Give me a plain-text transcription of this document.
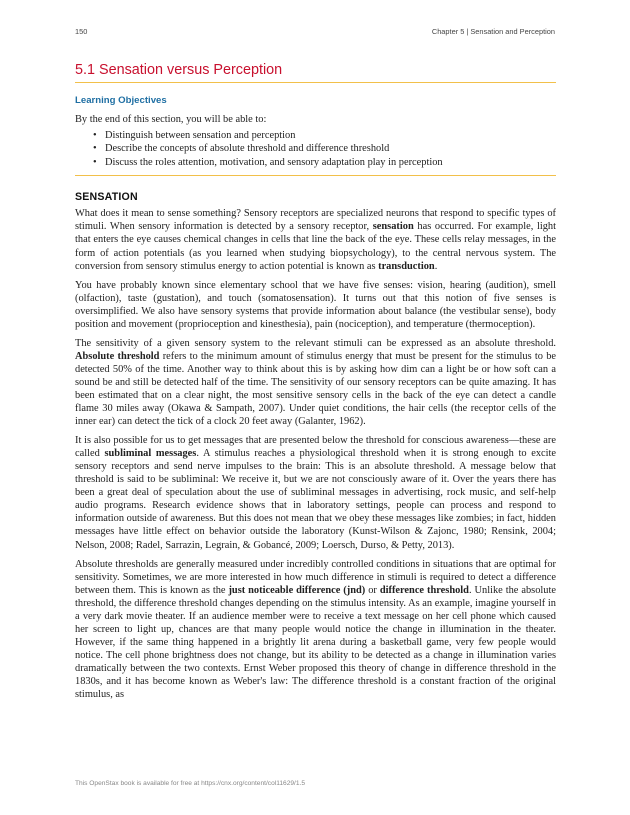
150	Chapter 5 | Sensation and Perception
5.1 Sensation versus Perception
Learning Objectives

By the end of this section, you will be able to:

• Distinguish between sensation and perception
• Describe the concepts of absolute threshold and difference threshold
• Discuss the roles attention, motivation, and sensory adaptation play in perception
SENSATION

What does it mean to sense something? Sensory receptors are specialized neurons that respond to specific types of stimuli. When sensory information is detected by a sensory receptor, sensation has occurred. For example, light that enters the eye causes chemical changes in cells that line the back of the eye. These cells relay messages, in the form of action potentials (as you learned when studying biopsychology), to the central nervous system. The conversion from sensory stimulus energy to action potential is known as transduction.

You have probably known since elementary school that we have five senses: vision, hearing (audition), smell (olfaction), taste (gustation), and touch (somatosensation). It turns out that this notion of five senses is oversimplified. We also have sensory systems that provide information about balance (the vestibular sense), body position and movement (proprioception and kinesthesia), pain (nociception), and temperature (thermoception).

The sensitivity of a given sensory system to the relevant stimuli can be expressed as an absolute threshold. Absolute threshold refers to the minimum amount of stimulus energy that must be present for the stimulus to be detected 50% of the time. Another way to think about this is by asking how dim can a light be or how soft can a sound be and still be detected half of the time. The sensitivity of our sensory receptors can be quite amazing. It has been estimated that on a clear night, the most sensitive sensory cells in the back of the eye can detect a candle flame 30 miles away (Okawa & Sampath, 2007). Under quiet conditions, the hair cells (the receptor cells of the inner ear) can detect the tick of a clock 20 feet away (Galanter, 1962).

It is also possible for us to get messages that are presented below the threshold for conscious awareness—these are called subliminal messages. A stimulus reaches a physiological threshold when it is strong enough to excite sensory receptors and send nerve impulses to the brain: This is an absolute threshold. A message below that threshold is said to be subliminal: We receive it, but we are not consciously aware of it. Over the years there has been a great deal of speculation about the use of subliminal messages in advertising, rock music, and self-help audio programs. Research evidence shows that in laboratory settings, people can process and respond to information outside of awareness. But this does not mean that we obey these messages like zombies; in fact, hidden messages have little effect on behavior outside the laboratory (Kunst-Wilson & Zajonc, 1980; Rensink, 2004; Nelson, 2008; Radel, Sarrazin, Legrain, & Gobancé, 2009; Loersch, Durso, & Petty, 2013).

Absolute thresholds are generally measured under incredibly controlled conditions in situations that are optimal for sensitivity. Sometimes, we are more interested in how much difference in stimuli is required to detect a difference between them. This is known as the just noticeable difference (jnd) or difference threshold. Unlike the absolute threshold, the difference threshold changes depending on the stimulus intensity. As an example, imagine yourself in a very dark movie theater. If an audience member were to receive a text message on her cell phone which caused her screen to light up, chances are that many people would notice the change in illumination in the theater. However, if the same thing happened in a brightly lit arena during a basketball game, very few people would notice. The cell phone brightness does not change, but its ability to be detected as a change in illumination varies dramatically between the two contexts. Ernst Weber proposed this theory of change in difference threshold in the 1830s, and it has become known as Weber's law: The difference threshold is a constant fraction of the original stimulus, as

This OpenStax book is available for free at https://cnx.org/content/col11629/1.5
